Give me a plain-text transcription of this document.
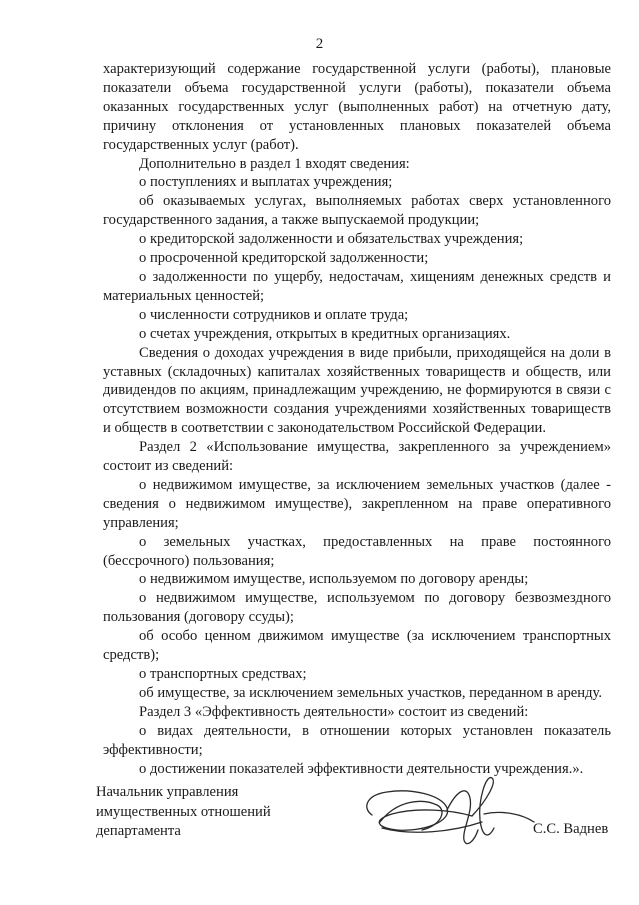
2

характеризующий содержание государственной услуги (работы), плановые показатели объема государственной услуги (работы), показатели объема оказанных государственных услуг (выполненных работ) на отчетную дату, причину отклонения от установленных плановых показателей объема государственных услуг (работ).

Дополнительно в раздел 1 входят сведения:

о поступлениях и выплатах учреждения;

об оказываемых услугах, выполняемых работах сверх установленного государственного задания, а также выпускаемой продукции;

о кредиторской задолженности и обязательствах учреждения;

о просроченной кредиторской задолженности;

о задолженности по ущербу, недостачам, хищениям денежных средств и материальных ценностей;

о численности сотрудников и оплате труда;

о счетах учреждения, открытых в кредитных организациях.

Сведения о доходах учреждения в виде прибыли, приходящейся на доли в уставных (складочных) капиталах хозяйственных товариществ и обществ, или дивидендов по акциям, принадлежащим учреждению, не формируются в связи с отсутствием возможности создания учреждениями хозяйственных товариществ и обществ в соответствии с законодательством Российской Федерации.

Раздел 2 «Использование имущества, закрепленного за учреждением» состоит из сведений:

о недвижимом имуществе, за исключением земельных участков (далее - сведения о недвижимом имуществе), закрепленном на праве оперативного управления;

о земельных участках, предоставленных на праве постоянного (бессрочного) пользования;

о недвижимом имуществе, используемом по договору аренды;

о недвижимом имуществе, используемом по договору безвозмездного пользования (договору ссуды);

об особо ценном движимом имуществе (за исключением транспортных средств);

о транспортных средствах;

об имуществе, за исключением земельных участков, переданном в аренду.

Раздел 3 «Эффективность деятельности» состоит из сведений:

о видах деятельности, в отношении которых установлен показатель эффективности;

о достижении показателей эффективности деятельности учреждения.».

Начальник управления
имущественных отношений
департамента	С.С. Ваднев
